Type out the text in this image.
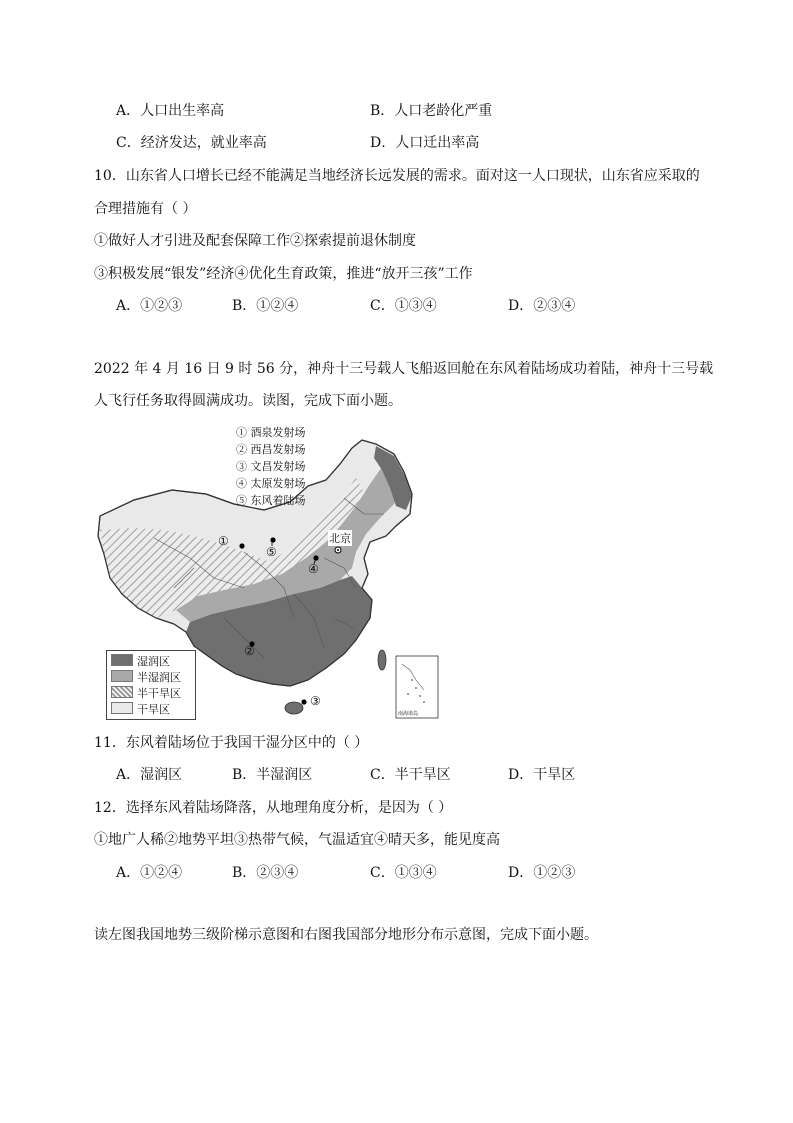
A．人口出生率高	B．人口老龄化严重
C．经济发达，就业率高	D．人口迁出率高
10．山东省人口增长已经不能满足当地经济长远发展的需求。面对这一人口现状，山东省应采取的
合理措施有（ ）
①做好人才引进及配套保障工作②探索提前退休制度
③积极发展“银发”经济④优化生育政策，推进“放开三孩”工作
A．①②③	B．①②④	C．①③④	D．②③④
2022 年 4 月 16 日 9 时 56 分，神舟十三号载人飞船返回舱在东风着陆场成功着陆，神舟十三号载
人飞行任务取得圆满成功。读图，完成下面小题。
①
②
③
④
⑤
北京
南海诸岛
① 酒泉发射场
② 西昌发射场
③ 文昌发射场
④ 太原发射场
⑤ 东风着陆场
湿润区
半湿润区
半干旱区
干旱区
11．东风着陆场位于我国干湿分区中的（ ）
A．湿润区	B．半湿润区	C．半干旱区	D．干旱区
12．选择东风着陆场降落，从地理角度分析，是因为（ ）
①地广人稀②地势平坦③热带气候，气温适宜④晴天多，能见度高
A．①②④	B．②③④	C．①③④	D．①②③
读左图我国地势三级阶梯示意图和右图我国部分地形分布示意图，完成下面小题。
